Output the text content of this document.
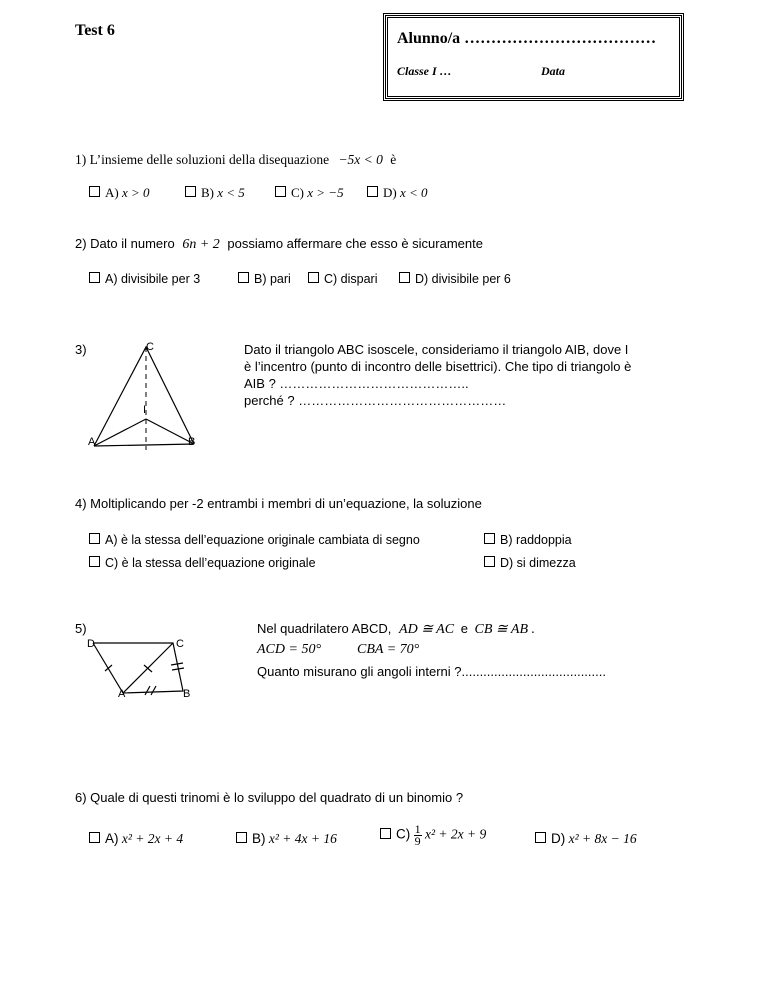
Test 6	Alunno/a ………………………………
Classe I …	Data
1) L’insieme delle soluzioni della disequazione −5x < 0 è
A) x > 0	B) x < 5	C) x > −5	D) x < 0
2) Dato il numero 6n + 2 possiamo affermare che esso è sicuramente
A) divisibile per 3	B) pari	C) dispari	D) divisibile per 6
3)	C
I
A	B
Dato il triangolo ABC isoscele, consideriamo il triangolo AIB, dove I
è l’incentro (punto di incontro delle bisettrici). Che tipo di triangolo è
AIB ? ……………………………………..
perché ? …………………………………………
4) Moltiplicando per -2 entrambi i membri di un’equazione, la soluzione
A) è la stessa dell’equazione originale cambiata di segno	B) raddoppia
C) è la stessa dell’equazione originale	D) si dimezza
5)
D	C
A	B
Nel quadrilatero ABCD, AD ≅ AC e CB ≅ AB .
ACD = 50°	CBA = 70°
Quanto misurano gli angoli interni ?........................................
6) Quale di questi trinomi è lo sviluppo del quadrato di un binomio ?
A) x² + 2x + 4	B) x² + 4x + 16	$C) \frac{1}{9} x^2 + 2x + 9$	D) x² + 8x − 16
